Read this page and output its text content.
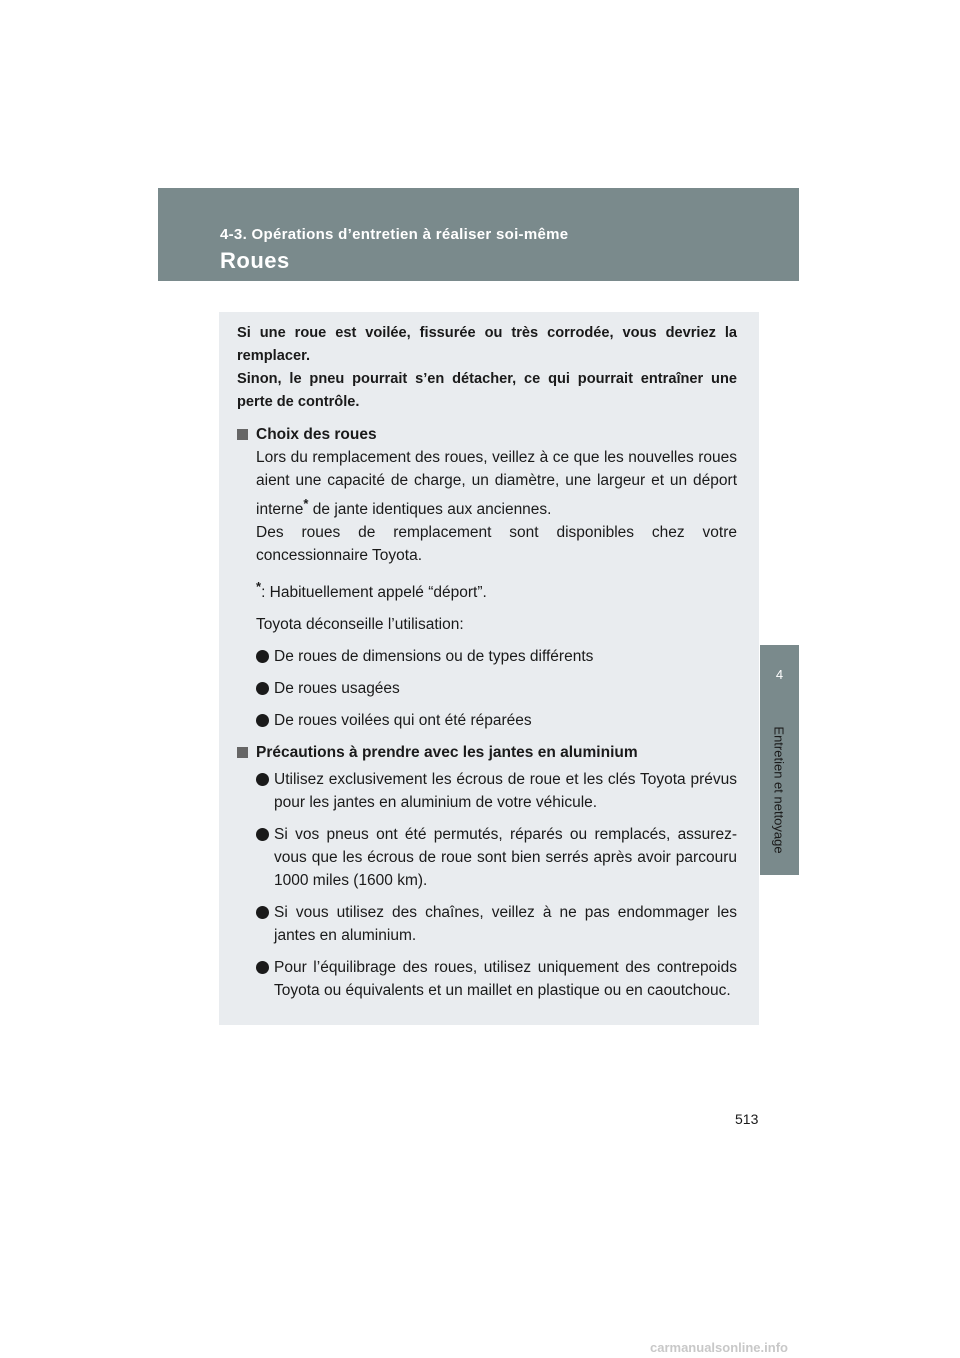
4-3. Opérations d’entretien à réaliser soi-même
Roues
4
Entretien et nettoyage

Si une roue est voilée, fissurée ou très corrodée, vous devriez la remplacer.
Sinon, le pneu pourrait s’en détacher, ce qui pourrait entraîner une perte de contrôle.

Choix des roues

Lors du remplacement des roues, veillez à ce que les nouvelles roues aient une capacité de charge, un diamètre, une largeur et un déport interne* de jante identiques aux anciennes.
Des roues de remplacement sont disponibles chez votre concessionnaire Toyota.

*: Habituellement appelé “déport”.

Toyota déconseille l’utilisation:

De roues de dimensions ou de types différents
De roues usagées
De roues voilées qui ont été réparées
Précautions à prendre avec les jantes en aluminium
Utilisez exclusivement les écrous de roue et les clés Toyota prévus pour les jantes en aluminium de votre véhicule.
Si vos pneus ont été permutés, réparés ou remplacés, assurez-vous que les écrous de roue sont bien serrés après avoir parcouru 1000 miles (1600 km).
Si vous utilisez des chaînes, veillez à ne pas endommager les jantes en aluminium.
Pour l’équilibrage des roues, utilisez uniquement des contrepoids Toyota ou équivalents et un maillet en plastique ou en caoutchouc.
513
carmanualsonline.info
